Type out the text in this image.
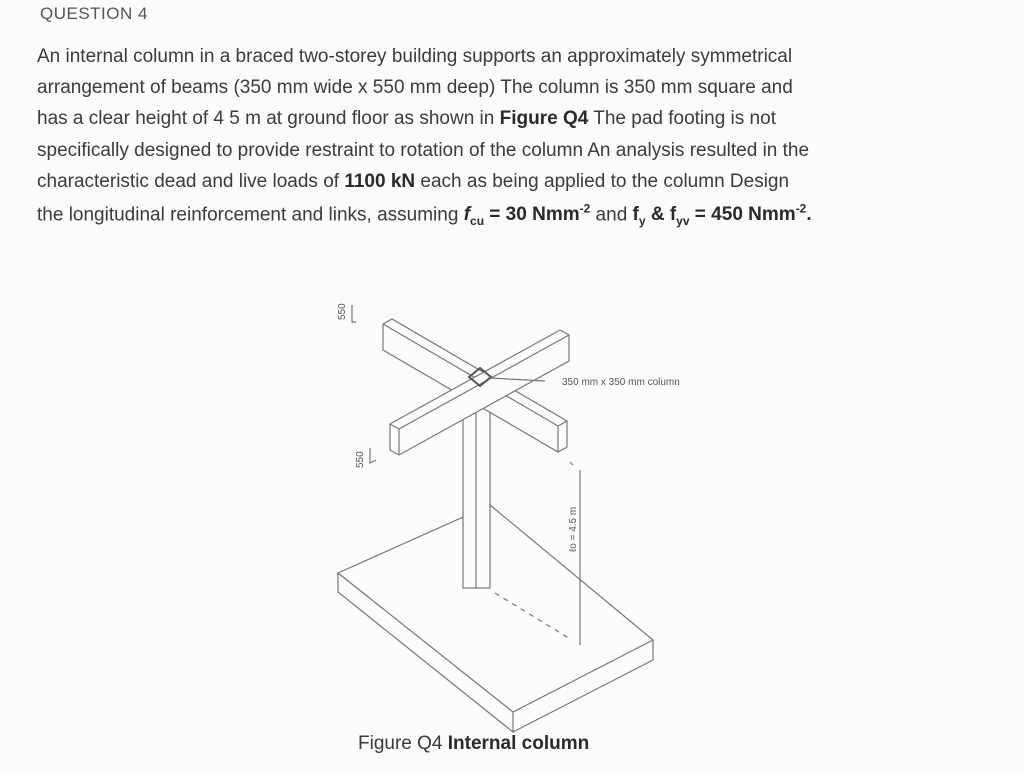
QUESTION 4
An internal column in a braced two-storey building supports an approximately symmetrical
arrangement of beams (350 mm wide x 550 mm deep) The column is 350 mm square and
has a clear height of 4 5 m at ground floor as shown in Figure Q4 The pad footing is not
specifically designed to provide restraint to rotation of the column An analysis resulted in the
characteristic dead and live loads of 1100 kN each as being applied to the column Design
the longitudinal reinforcement and links, assuming $f_{cu} = 30$ Nmm$^{-2}$ and $f_y$ & $f_{yv} = 450$ Nmm$^{-2}$.
350 mm x 350 mm column
550
550
ℓo = 4.5 m
Figure Q4 Internal column
